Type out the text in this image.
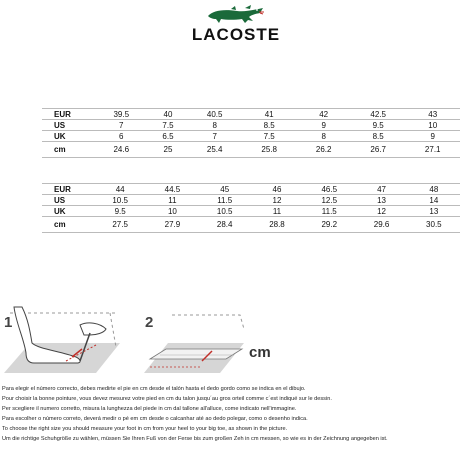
LACOSTE
EUR	39.5	40	40.5	41	42	42.5	43
US	7	7.5	8	8.5	9	9.5	10
UK	6	6.5	7	7.5	8	8.5	9
cm	24.6	25	25.4	25.8	26.2	26.7	27.1
EUR	44	44.5	45	46	46.5	47	48
US	10.5	11	11.5	12	12.5	13	14
UK	9.5	10	10.5	11	11.5	12	13
cm	27.5	27.9	28.4	28.8	29.2	29.6	30.5
1	2
cm
Para elegir el número correcto, debes medirte el pie en cm desde el talón hasta el dedo gordo como se indica en el dibujo.
Pour choisir la bonne pointure, vous devez mesurez votre pied en cm du talon jusqu´au gros orteil comme c´est indiqué sur le dessin.
Per scegliere il numero corretto, misura la lunghezza del piede in cm dal tallone all'alluce, come indicato nell'immagine.
Para escolher o número correto, deverá medir o pé em cm desde o calcanhar até ao dedo polegar, como o desenho indica.
To choose the right size you should measure your foot in cm from your heel to your big toe, as shown in the picture.
Um die richtige Schuhgröße zu wählen, müssen Sie Ihren Fuß von der Ferse bis zum großen Zeh in cm messen, so wie es in der Zeichnung angegeben ist.
